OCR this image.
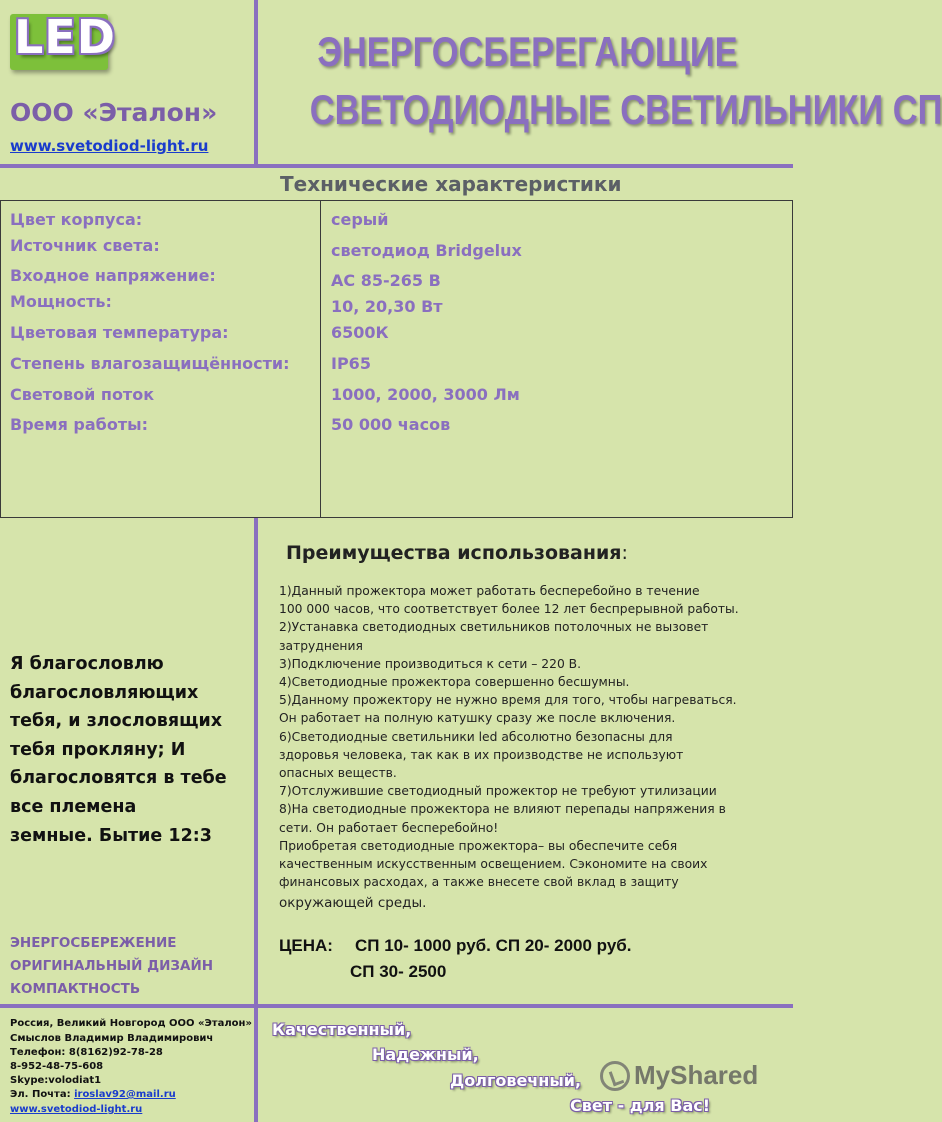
LED
ООО «Эталон»
www.svetodiod-light.ru
ЭНЕРГОСБЕРЕГАЮЩИЕ
СВЕТОДИОДНЫЕ СВЕТИЛЬНИКИ СП
Технические характеристики
Цвет корпуса:
Источник света:
Входное напряжение:
Мощность:
Цветовая температура:
Степень влагозащищённости:
Световой поток
Время работы:
серый
светодиод Bridgelux
AC 85-265 B
10, 20,30 Вт
6500К
IP65
1000, 2000, 3000 Лм
50 000 часов
Преимущества использования:
1)Данный прожектора может работать бесперебойно в течение
100 000 часов, что соответствует более 12 лет беспрерывной работы.
2)Устанавка светодиодных светильников потолочных не вызовет
затруднения
3)Подключение производиться к сети – 220 В.
4)Светодиодные прожектора совершенно бесшумны.
5)Данному прожектору не нужно время для того, чтобы нагреваться.
Он работает на полную катушку сразу же после включения.
6)Светодиодные светильники led абсолютно безопасны для
здоровья человека, так как в их производстве не используют
опасных веществ.
7)Отслужившие светодиодный прожектор не требуют утилизации
8)На светодиодные прожектора не влияют перепады напряжения в
сети. Он работает бесперебойно!
Приобретая светодиодные прожектора– вы обеспечите себя
качественным искусственным освещением. Сэкономите на своих
финансовых расходах, а также внесете свой вклад в защиту
окружающей среды.
ЦЕНА: СП 10- 1000 руб. СП 20- 2000 руб.
СП 30- 2500
Я благословлю
благословляющих
тебя, и злословящих
тебя прокляну; И
благословятся в тебе
все племена
земные. Бытие 12:3
ЭНЕРГОСБЕРЕЖЕНИЕ
ОРИГИНАЛЬНЫЙ ДИЗАЙН
КОМПАКТНОСТЬ
Россия, Великий Новгород ООО «Эталон»
Смыслов Владимир Владимирович
Телефон: 8(8162)92-78-28
8-952-48-75-608
Skype:volodiat1
Эл. Почта: iroslav92@mail.ru
www.svetodiod-light.ru
Качественный,
Надежный,
Долговечный,
Свет - для Вас!
MyShared
